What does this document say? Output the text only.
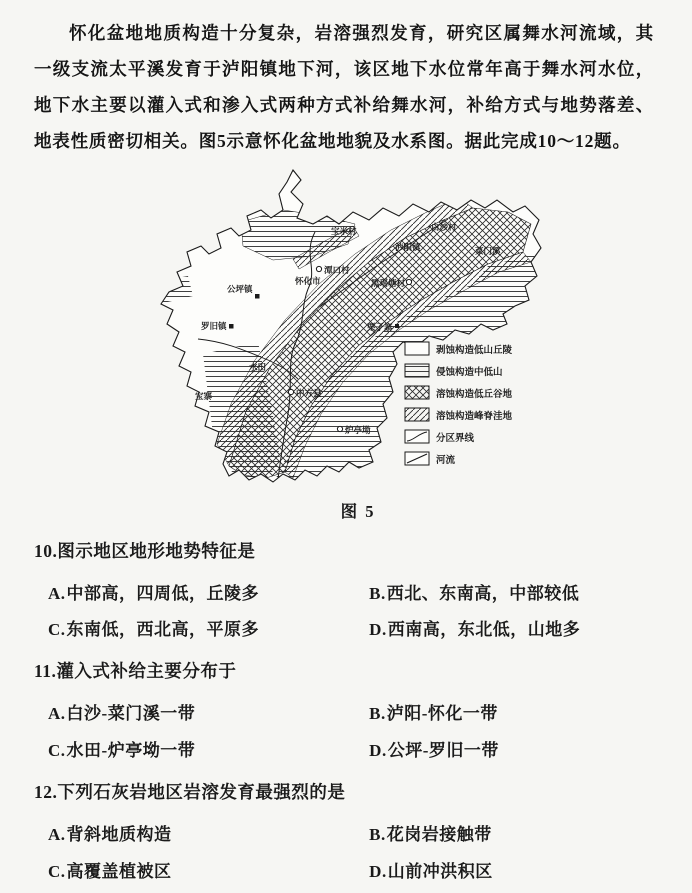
怀化盆地地质构造十分复杂，岩溶强烈发育，研究区属舞水河流域，其一级支流太平溪发育于泸阳镇地下河，该区地下水位常年高于舞水河水位，地下水主要以灌入式和渗入式两种方式补给舞水河，补给方式与地势落差、地表性质密切相关。图5示意怀化盆地地貌及水系图。据此完成10～12题。

宝米村	白沙村
泸阳镇	菜门溪
潭口村
怀化市	黑瑶塘村
公坪镇
罗旧镇	栗子寨
水田
宝寨	中方县
炉亭坳
剥蚀构造低山丘陵
侵蚀构造中低山
溶蚀构造低丘谷地
溶蚀构造峰脊洼地
分区界线
河流
图 5
10.图示地区地形地势特征是
A.中部高，四周低，丘陵多	B.西北、东南高，中部较低
C.东南低，西北高，平原多	D.西南高，东北低，山地多
11.灌入式补给主要分布于
A.白沙-菜门溪一带	B.泸阳-怀化一带
C.水田-炉亭坳一带	D.公坪-罗旧一带
12.下列石灰岩地区岩溶发育最强烈的是
A.背斜地质构造	B.花岗岩接触带
C.高覆盖植被区	D.山前冲洪积区
